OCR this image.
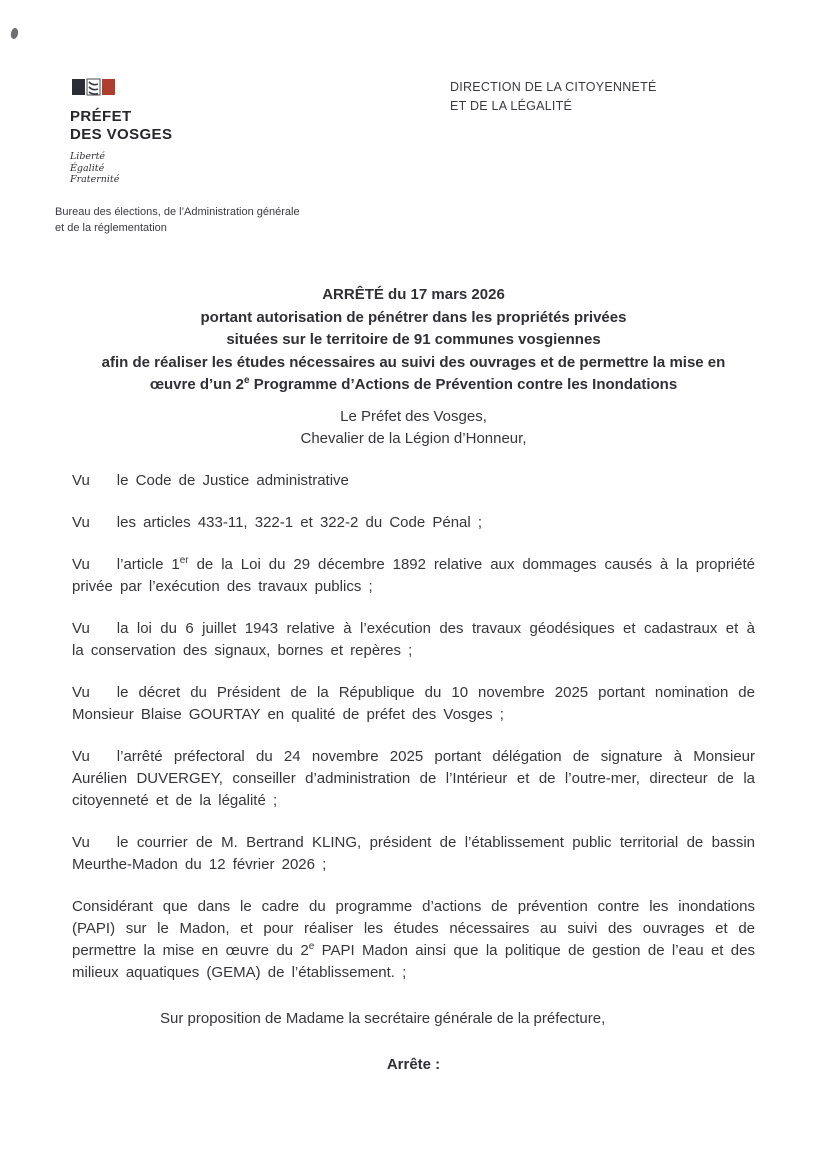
PRÉFET
DES VOSGES
Liberté
Égalité
Fraternité
DIRECTION DE LA CITOYENNETÉ
ET DE LA LÉGALITÉ
Bureau des élections, de l’Administration générale
et de la réglementation
ARRÊTÉ du 17 mars 2026
portant autorisation de pénétrer dans les propriétés privées
situées sur le territoire de 91 communes vosgiennes
afin de réaliser les études nécessaires au suivi des ouvrages et de permettre la mise en
œuvre d’un 2e Programme d’Actions de Prévention contre les Inondations
Le Préfet des Vosges,
Chevalier de la Légion d’Honneur,
Vu le Code de Justice administrative
Vu les articles 433-11, 322-1 et 322-2 du Code Pénal ;
Vu l’article 1er de la Loi du 29 décembre 1892 relative aux dommages causés à la propriété privée par l’exécution des travaux publics ;
Vu la loi du 6 juillet 1943 relative à l’exécution des travaux géodésiques et cadastraux et à la conservation des signaux, bornes et repères ;
Vu le décret du Président de la République du 10 novembre 2025 portant nomination de Monsieur Blaise GOURTAY en qualité de préfet des Vosges ;
Vu l’arrêté préfectoral du 24 novembre 2025 portant délégation de signature à Monsieur Aurélien DUVERGEY, conseiller d’administration de l’Intérieur et de l’outre-mer, directeur de la citoyenneté et de la légalité ;
Vu le courrier de M. Bertrand KLING, président de l’établissement public territorial de bassin Meurthe-Madon du 12 février 2026 ;

Considérant que dans le cadre du programme d’actions de prévention contre les inondations (PAPI) sur le Madon, et pour réaliser les études nécessaires au suivi des ouvrages et de permettre la mise en œuvre du 2e PAPI Madon ainsi que la politique de gestion de l’eau et des milieux aquatiques (GEMA) de l’établissement. ;

Sur proposition de Madame la secrétaire générale de la préfecture,

Arrête :
